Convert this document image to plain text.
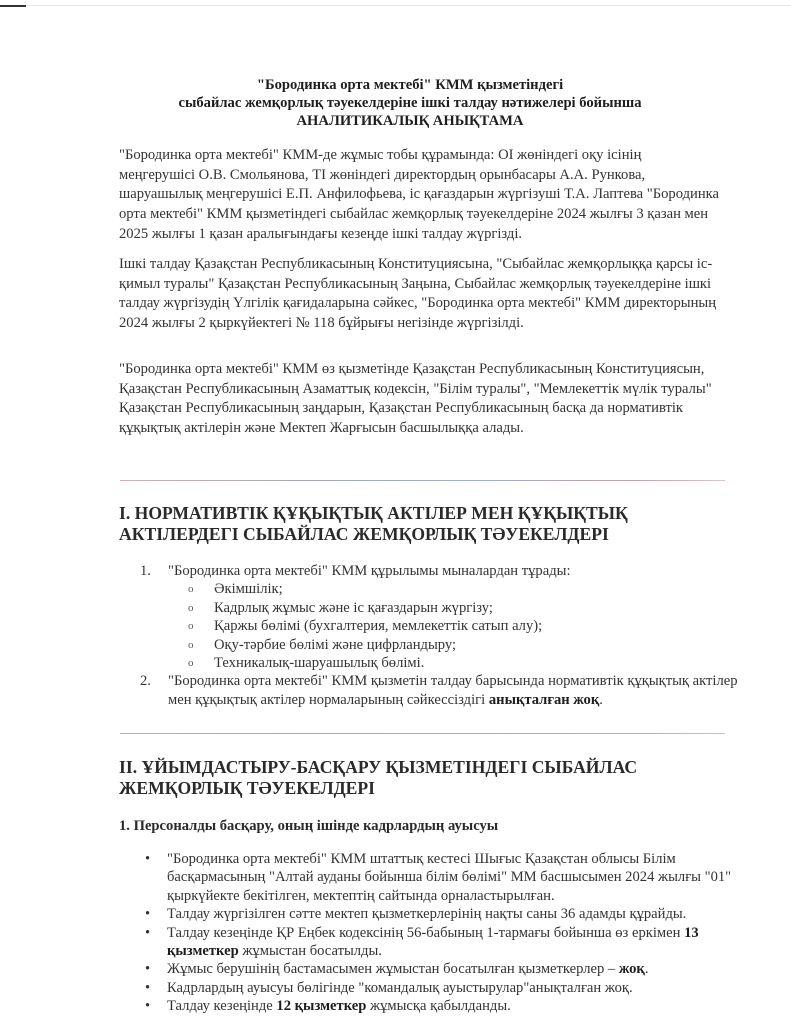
"Бородинка орта мектебі" КММ қызметіндегі
сыбайлас жемқорлық тәуекелдеріне ішкі талдау нәтижелері бойынша
АНАЛИТИКАЛЫҚ АНЫҚТАМА
"Бородинка орта мектебі" КММ-де жұмыс тобы құрамында: ОІ жөніндегі оқу ісінің меңгерушісі О.В. Смольянова, ТІ жөніндегі директордың орынбасары А.А. Рункова, шаруашылық меңгерушісі Е.П. Анфилофьева, іс қағаздарын жүргізуші Т.А. Лаптева "Бородинка орта мектебі" КММ қызметіндегі сыбайлас жемқорлық тәуекелдеріне 2024 жылғы 3 қазан мен 2025 жылғы 1 қазан аралығындағы кезеңде ішкі талдау жүргізді.
Ішкі талдау Қазақстан Республикасының Конституциясына, "Сыбайлас жемқорлыққа қарсы іс-қимыл туралы" Қазақстан Республикасының Заңына, Сыбайлас жемқорлық тәуекелдеріне ішкі талдау жүргізудің Үлгілік қағидаларына сәйкес, "Бородинка орта мектебі" КММ директорының 2024 жылғы 2 қыркүйектегі № 118 бұйрығы негізінде жүргізілді.
"Бородинка орта мектебі" КММ өз қызметінде Қазақстан Республикасының Конституциясын, Қазақстан Республикасының Азаматтық кодексін, "Білім туралы", "Мемлекеттік мүлік туралы" Қазақстан Республикасының заңдарын, Қазақстан Республикасының басқа да нормативтік құқықтық актілерін және Мектеп Жарғысын басшылыққа алады.
I. НОРМАТИВТІК ҚҰҚЫҚТЫҚ АКТІЛЕР МЕН ҚҰҚЫҚТЫҚ
АКТІЛЕРДЕГІ СЫБАЙЛАС ЖЕМҚОРЛЫҚ ТӘУЕКЕЛДЕРІ
1.	"Бородинка орта мектебі" КММ құрылымы мыналардан тұрады:
o	Әкімшілік;
o	Кадрлық жұмыс және іс қағаздарын жүргізу;
o	Қаржы бөлімі (бухгалтерия, мемлекеттік сатып алу);
o	Оқу-тәрбие бөлімі және цифрландыру;
o	Техникалық-шаруашылық бөлімі.
2.	"Бородинка орта мектебі" КММ қызметін талдау барысында нормативтік құқықтық актілер мен құқықтық актілер нормаларының сәйкессіздігі анықталған жоқ.
II. ҰЙЫМДАСТЫРУ-БАСҚАРУ ҚЫЗМЕТІНДЕГІ СЫБАЙЛАС
ЖЕМҚОРЛЫҚ ТӘУЕКЕЛДЕРІ
1. Персоналды басқару, оның ішінде кадрлардың ауысуы
•	"Бородинка орта мектебі" КММ штаттық кестесі Шығыс Қазақстан облысы Білім басқармасының "Алтай ауданы бойынша білім бөлімі" ММ басшысымен 2024 жылғы "01" қыркүйекте бекітілген, мектептің сайтында орналастырылған.
•	Талдау жүргізілген сәтте мектеп қызметкерлерінің нақты саны 36 адамды құрайды.
•	Талдау кезеңінде ҚР Еңбек кодексінің 56-бабының 1-тармағы бойынша өз еркімен 13 қызметкер жұмыстан босатылды.
•	Жұмыс берушінің бастамасымен жұмыстан босатылған қызметкерлер – жоқ.
•	Кадрлардың ауысуы бөлігінде "командалық ауыстырулар"анықталған жоқ.
•	Талдау кезеңінде 12 қызметкер жұмысқа қабылданды.
